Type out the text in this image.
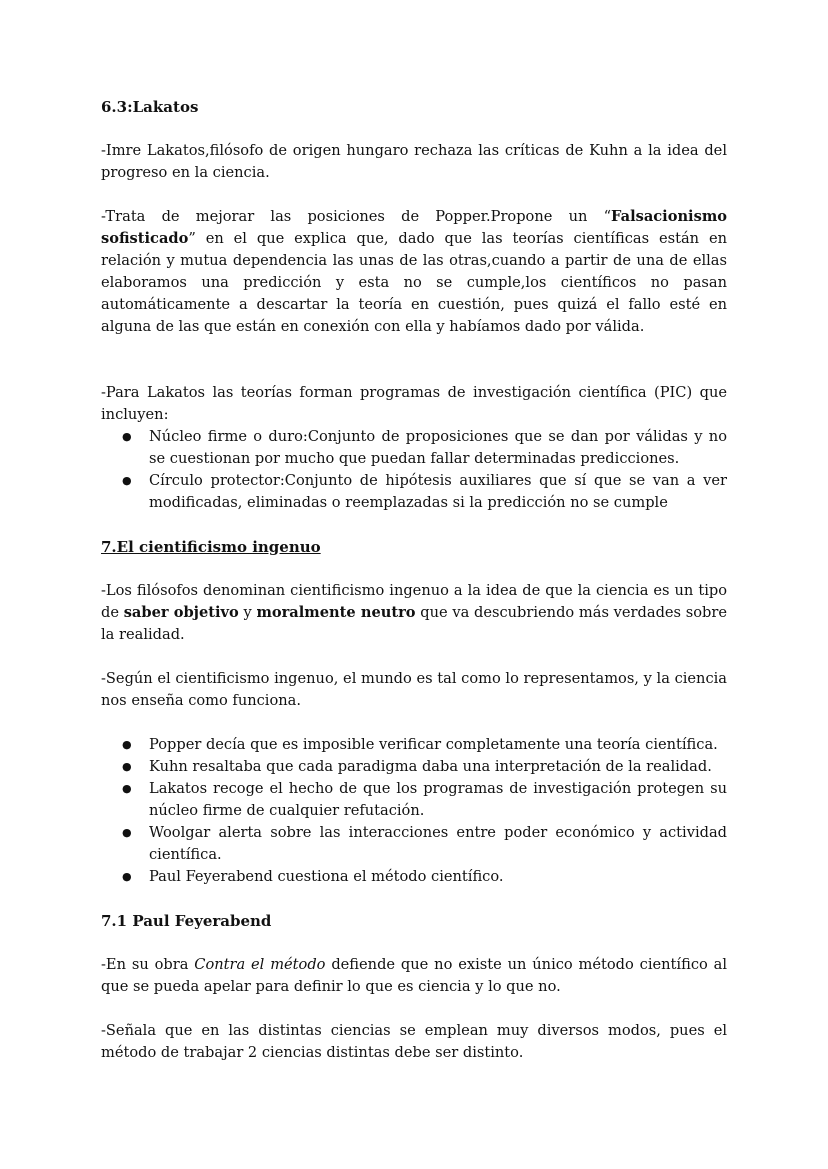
6.3:Lakatos

-Imre Lakatos,filósofo de origen hungaro rechaza las críticas de Kuhn a la idea del progreso en la ciencia.

-Trata de mejorar las posiciones de Popper.Propone un “Falsacionismo sofisticado” en el que explica que, dado que las teorías científicas están en relación y mutua dependencia las unas de las otras,cuando a partir de una de ellas elaboramos una predicción y esta no se cumple,los científicos no pasan automáticamente a descartar la teoría en cuestión, pues quizá el fallo esté en alguna de las que están en conexión con ella y habíamos dado por válida.

-Para Lakatos las teorías forman programas de investigación científica (PIC) que incluyen:

● Núcleo firme o duro:Conjunto de proposiciones que se dan por válidas y no se cuestionan por mucho que puedan fallar determinadas predicciones.
● Círculo protector:Conjunto de hipótesis auxiliares que sí que se van a ver modificadas, eliminadas o reemplazadas si la predicción no se cumple
7.El cientificismo ingenuo

-Los filósofos denominan cientificismo ingenuo a la idea de que la ciencia es un tipo de saber objetivo y moralmente neutro que va descubriendo más verdades sobre la realidad.

-Según el cientificismo ingenuo, el mundo es tal como lo representamos, y la ciencia nos enseña como funciona.

● Popper decía que es imposible verificar completamente una teoría científica.
● Kuhn resaltaba que cada paradigma daba una interpretación de la realidad.
● Lakatos recoge el hecho de que los programas de investigación protegen su núcleo firme de cualquier refutación.
● Woolgar alerta sobre las interacciones entre poder económico y actividad científica.
● Paul Feyerabend cuestiona el método científico.
7.1 Paul Feyerabend

-En su obra Contra el método defiende que no existe un único método científico al que se pueda apelar para definir lo que es ciencia y lo que no.

-Señala que en las distintas ciencias se emplean muy diversos modos, pues el método de trabajar 2 ciencias distintas debe ser distinto.
